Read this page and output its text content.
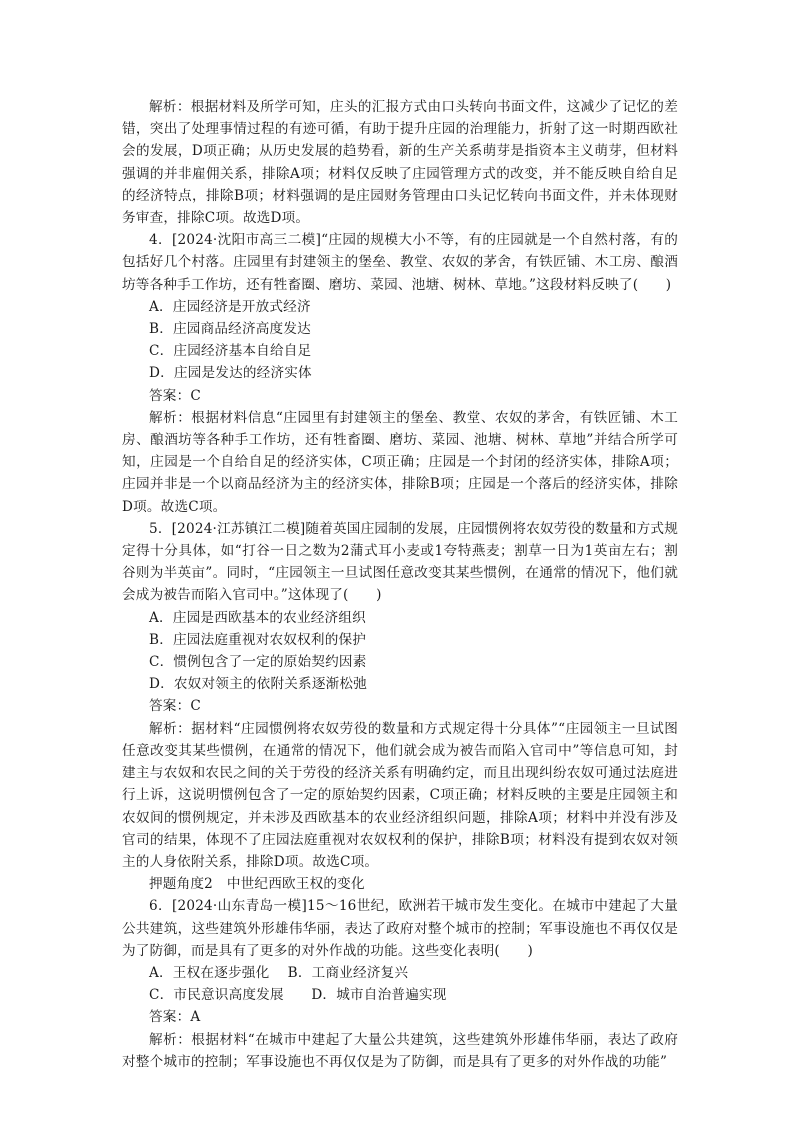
解析：根据材料及所学可知，庄头的汇报方式由口头转向书面文件，这减少了记忆的差错，突出了处理事情过程的有迹可循，有助于提升庄园的治理能力，折射了这一时期西欧社会的发展，D项正确；从历史发展的趋势看，新的生产关系萌芽是指资本主义萌芽，但材料强调的并非雇佣关系，排除A项；材料仅反映了庄园管理方式的改变，并不能反映自给自足的经济特点，排除B项；材料强调的是庄园财务管理由口头记忆转向书面文件，并未体现财务审查，排除C项。故选D项。

4．[2024·沈阳市高三二模]“庄园的规模大小不等，有的庄园就是一个自然村落，有的包括好几个村落。庄园里有封建领主的堡垒、教堂、农奴的茅舍，有铁匠铺、木工房、酿酒坊等各种手工作坊，还有牲畜圈、磨坊、菜园、池塘、树林、草地。”这段材料反映了(　　)

A．庄园经济是开放式经济

B．庄园商品经济高度发达

C．庄园经济基本自给自足

D．庄园是发达的经济实体

答案：C

解析：根据材料信息“庄园里有封建领主的堡垒、教堂、农奴的茅舍，有铁匠铺、木工房、酿酒坊等各种手工作坊，还有牲畜圈、磨坊、菜园、池塘、树林、草地”并结合所学可知，庄园是一个自给自足的经济实体，C项正确；庄园是一个封闭的经济实体，排除A项；庄园并非是一个以商品经济为主的经济实体，排除B项；庄园是一个落后的经济实体，排除D项。故选C项。

5．[2024·江苏镇江二模]随着英国庄园制的发展，庄园惯例将农奴劳役的数量和方式规定得十分具体，如“打谷一日之数为2蒲式耳小麦或1夸特燕麦；割草一日为1英亩左右；割谷则为半英亩”。同时，“庄园领主一旦试图任意改变其某些惯例，在通常的情况下，他们就会成为被告而陷入官司中。”这体现了(　　)

A．庄园是西欧基本的农业经济组织

B．庄园法庭重视对农奴权利的保护

C．惯例包含了一定的原始契约因素

D．农奴对领主的依附关系逐渐松弛

答案：C

解析：据材料“庄园惯例将农奴劳役的数量和方式规定得十分具体”“庄园领主一旦试图任意改变其某些惯例，在通常的情况下，他们就会成为被告而陷入官司中”等信息可知，封建主与农奴和农民之间的关于劳役的经济关系有明确约定，而且出现纠纷农奴可通过法庭进行上诉，这说明惯例包含了一定的原始契约因素，C项正确；材料反映的主要是庄园领主和农奴间的惯例规定，并未涉及西欧基本的农业经济组织问题，排除A项；材料中并没有涉及官司的结果，体现不了庄园法庭重视对农奴权利的保护，排除B项；材料没有提到农奴对领主的人身依附关系，排除D项。故选C项。

押题角度2　中世纪西欧王权的变化

6．[2024·山东青岛一模]15～16世纪，欧洲若干城市发生变化。在城市中建起了大量公共建筑，这些建筑外形雄伟华丽，表达了政府对整个城市的控制；军事设施也不再仅仅是为了防御，而是具有了更多的对外作战的功能。这些变化表明(　　)

A．王权在逐步强化　 B．工商业经济复兴

C．市民意识高度发展　　D．城市自治普遍实现

答案：A

解析：根据材料“在城市中建起了大量公共建筑，这些建筑外形雄伟华丽，表达了政府对整个城市的控制；军事设施也不再仅仅是为了防御，而是具有了更多的对外作战的功能”
